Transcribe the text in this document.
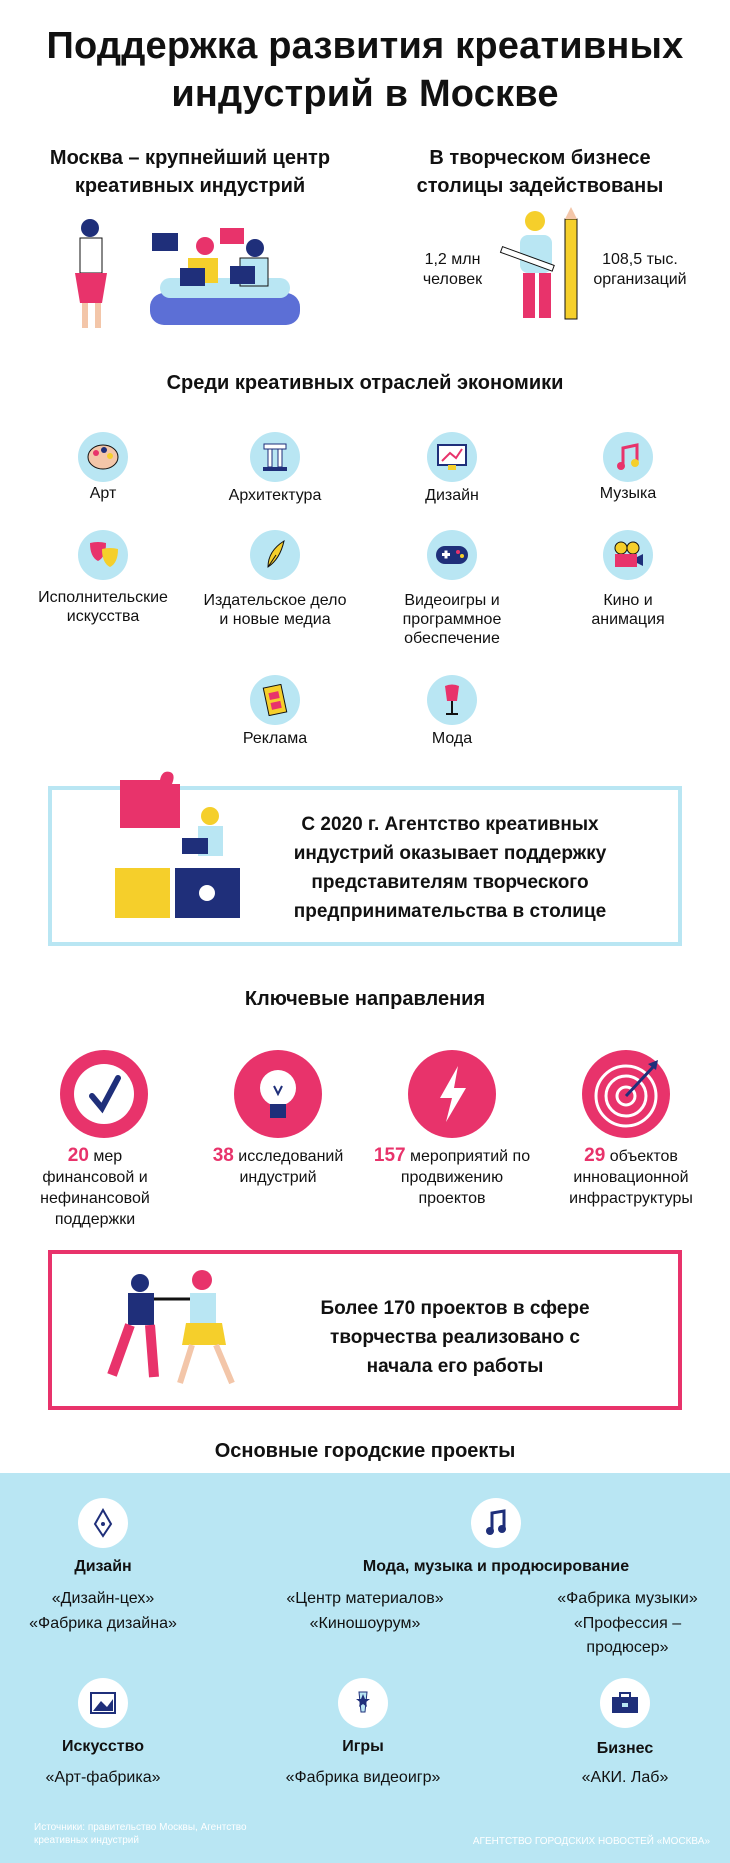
Поддержка развития креативных индустрий в Москве
Москва – крупнейший центр креативных индустрий
В творческом бизнесе столицы задействованы
1,2 млн человек
108,5 тыс. организаций
Среди креативных отраслей экономики
Арт	Архитектура	Дизайн	Музыка
Исполнительские искусства
Издательское дело и новые медиа
Видеоигры и программное обеспечение
Кино и анимация
Реклама	Мода
С 2020 г. Агентство креативных индустрий оказывает поддержку представителям творческого предпринимательства в столице
Ключевые направления
20 мер финансовой и нефинансовой поддержки
38 исследований индустрий
157 мероприятий по продвижению проектов
29 объектов инновационной инфраструктуры
Более 170 проектов в сфере творчества реализовано с начала его работы
Основные городские проекты
Дизайн
«Дизайн-цех»
«Фабрика дизайна»
Мода, музыка и продюсирование
«Центр материалов»
«Киношоурум»
«Фабрика музыки»
«Профессия – продюсер»
Искусство
«Арт-фабрика»
Игры
«Фабрика видеоигр»
Бизнес
«АКИ. Лаб»
Источники: правительство Москвы, Агентство креативных индустрий	АГЕНТСТВО ГОРОДСКИХ НОВОСТЕЙ «МОСКВА»
